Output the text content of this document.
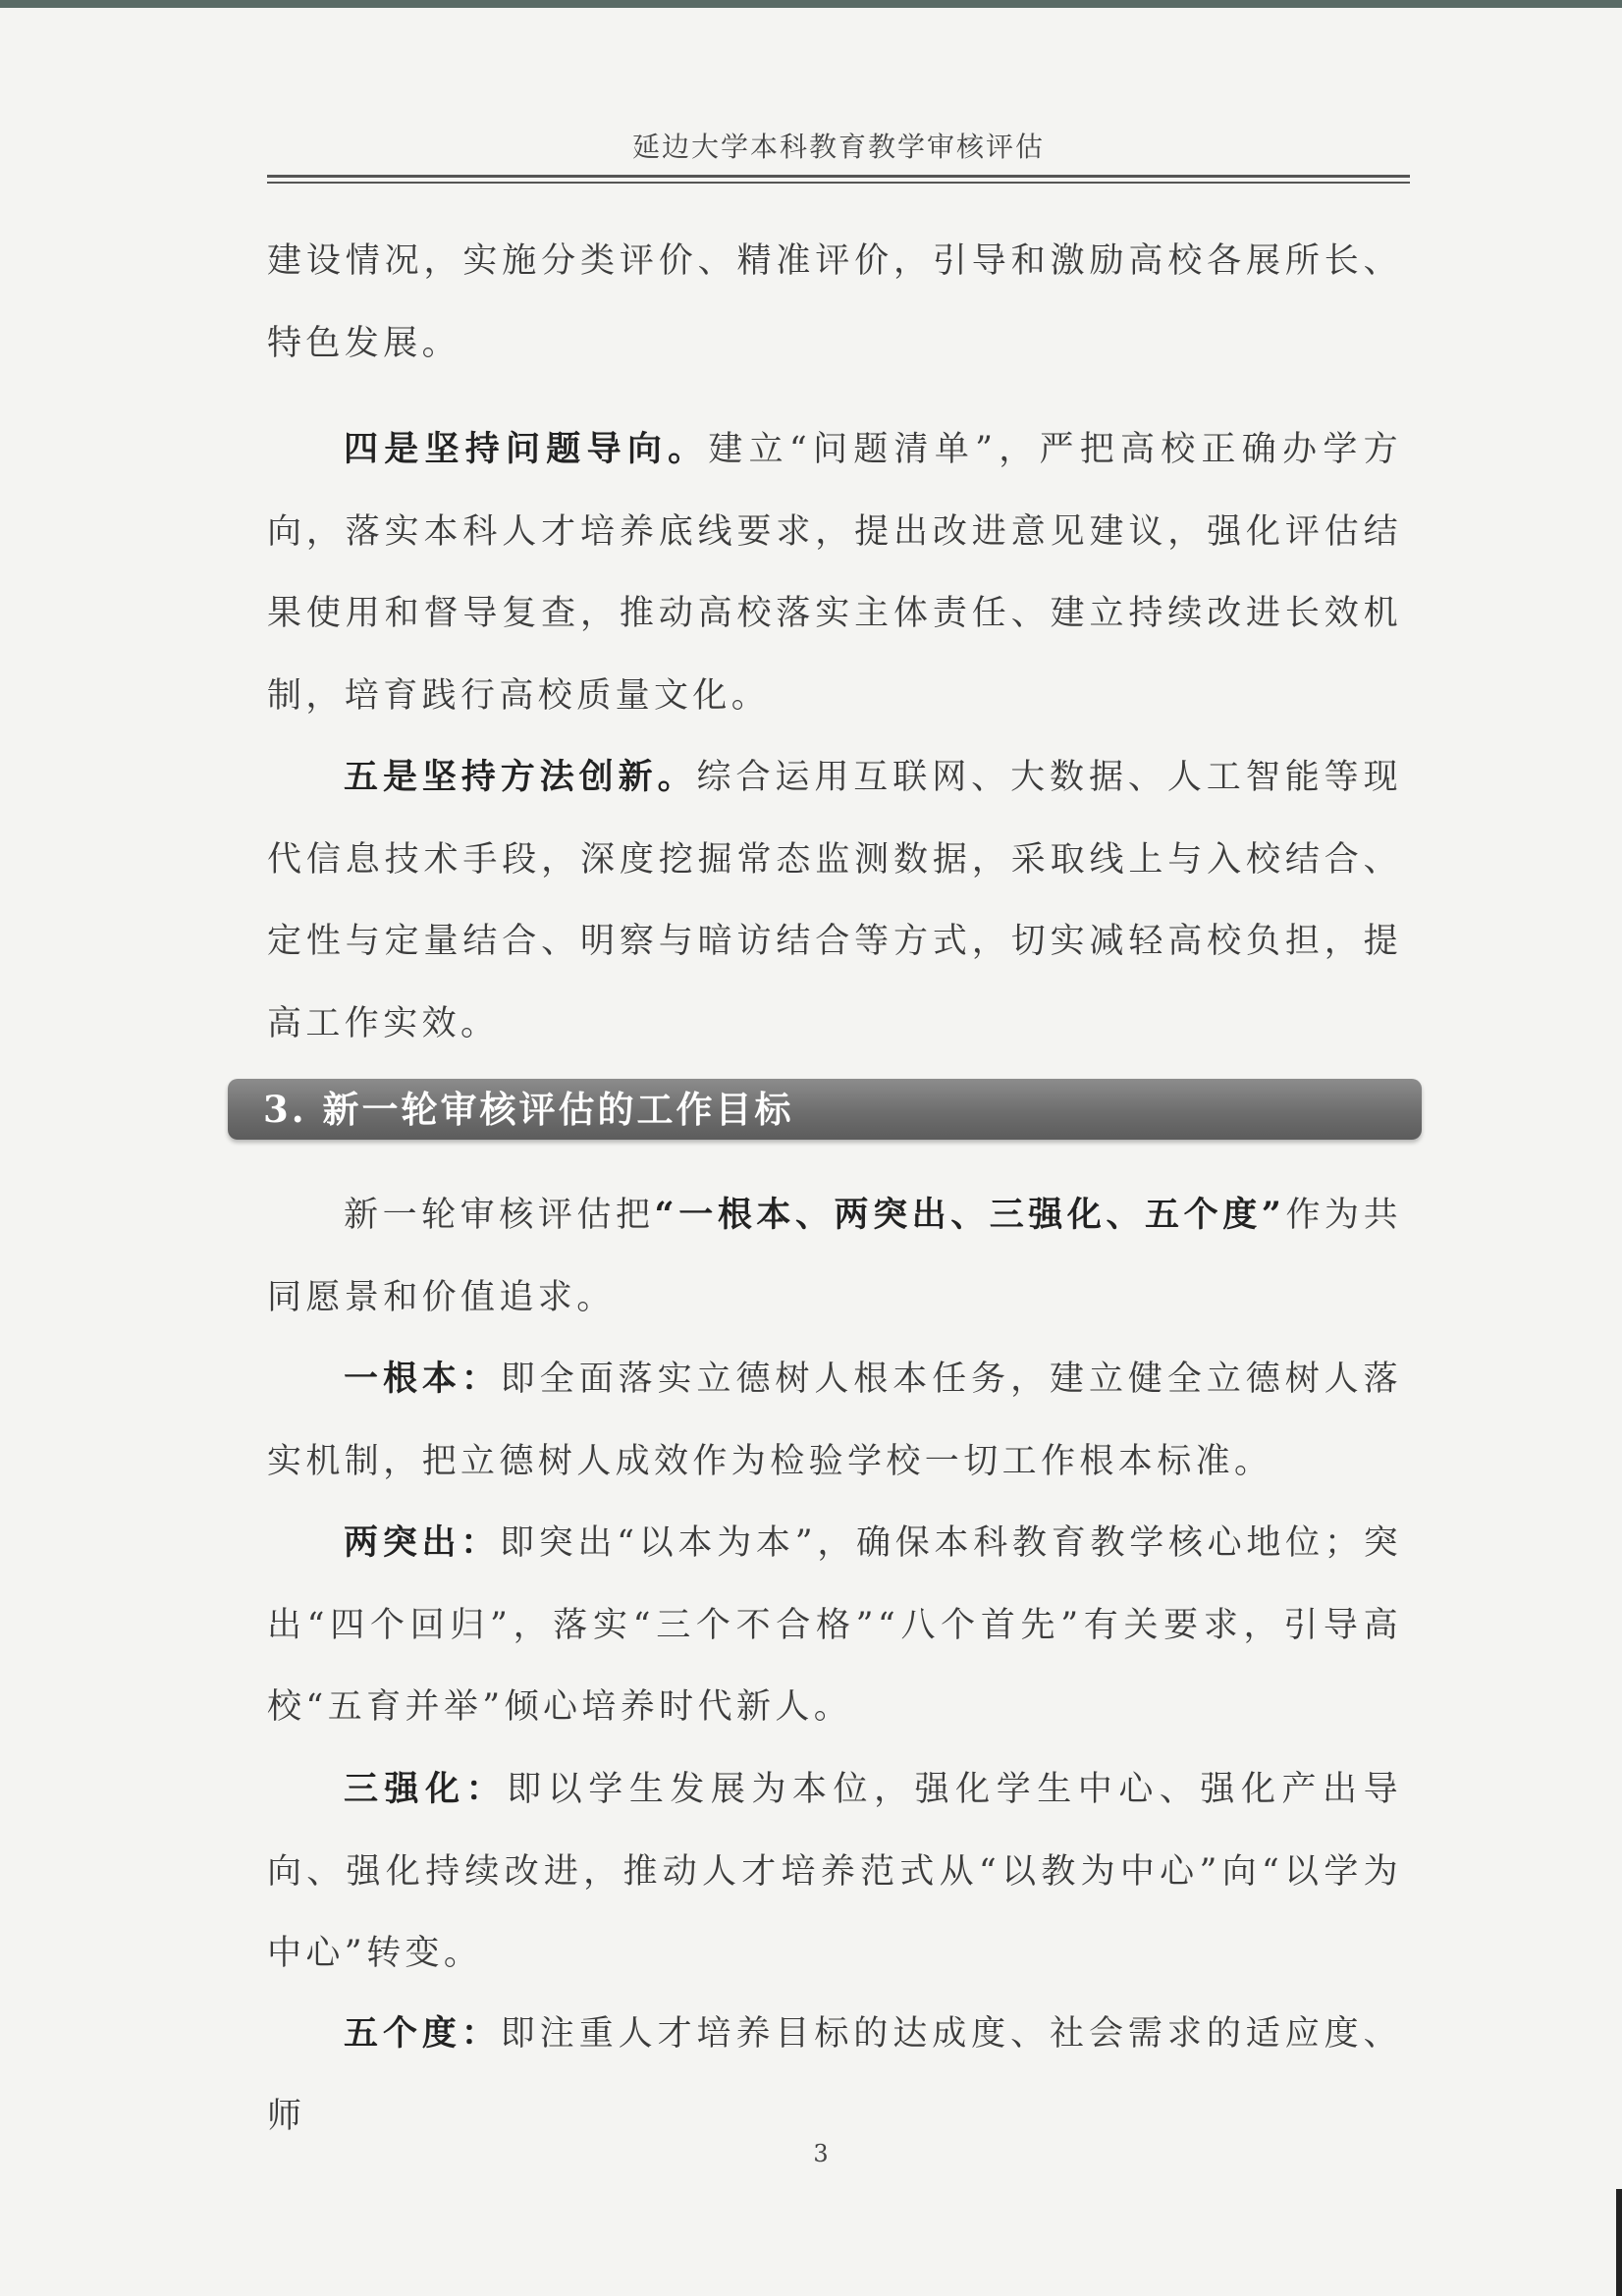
延边大学本科教育教学审核评估

建设情况，实施分类评价、精准评价，引导和激励高校各展所长、特色发展。

四是坚持问题导向。建立“问题清单”，严把高校正确办学方向，落实本科人才培养底线要求，提出改进意见建议，强化评估结果使用和督导复查，推动高校落实主体责任、建立持续改进长效机制，培育践行高校质量文化。

五是坚持方法创新。综合运用互联网、大数据、人工智能等现代信息技术手段，深度挖掘常态监测数据，采取线上与入校结合、定性与定量结合、明察与暗访结合等方式，切实减轻高校负担，提高工作实效。

3. 新一轮审核评估的工作目标

新一轮审核评估把“一根本、两突出、三强化、五个度”作为共同愿景和价值追求。

一根本：即全面落实立德树人根本任务，建立健全立德树人落实机制，把立德树人成效作为检验学校一切工作根本标准。

两突出：即突出“以本为本”，确保本科教育教学核心地位；突出“四个回归”，落实“三个不合格”“八个首先”有关要求，引导高校“五育并举”倾心培养时代新人。

三强化：即以学生发展为本位，强化学生中心、强化产出导向、强化持续改进，推动人才培养范式从“以教为中心”向“以学为中心”转变。

五个度：即注重人才培养目标的达成度、社会需求的适应度、师

3
